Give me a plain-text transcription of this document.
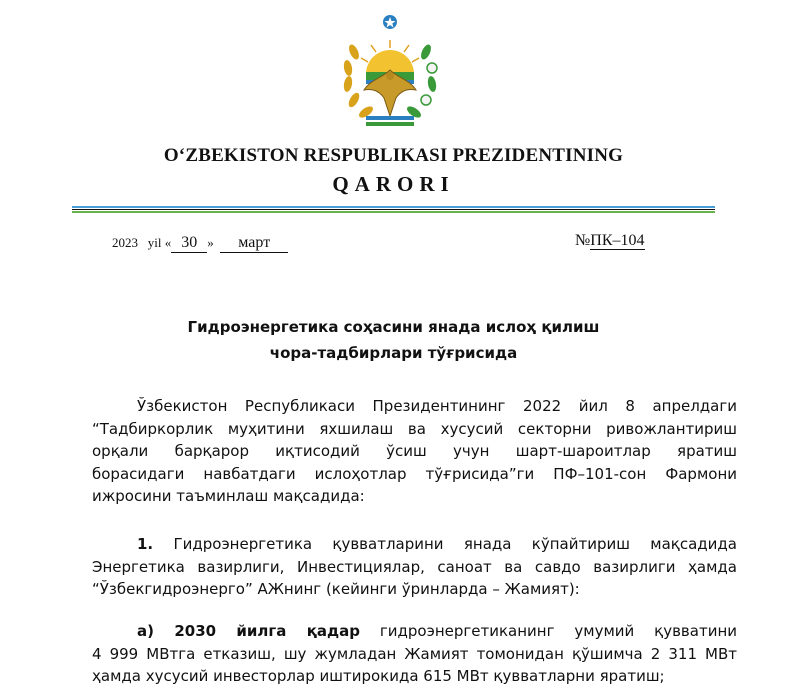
O‘ZBEKISTON RESPUBLIKASI PREZIDENTINING
QARORI
2023 yil « 30 » март	№ПК–104
Гидроэнергетика соҳасини янада ислоҳ қилиш
чора-тадбирлари тўғрисида
Ўзбекистон Республикаси Президентининг 2022 йил 8 апрелдаги
“Тадбиркорлик муҳитини яхшилаш ва хусусий секторни ривожлантириш
орқали барқарор иқтисодий ўсиш учун шарт-шароитлар яратиш
борасидаги навбатдаги ислоҳотлар тўғрисида”ги ПФ–101-сон Фармони
ижросини таъминлаш мақсадида:
1. Гидроэнергетика қувватларини янада кўпайтириш мақсадида
Энергетика вазирлиги, Инвестициялар, саноат ва савдо вазирлиги ҳамда
“Ўзбекгидроэнерго” АЖнинг (кейинги ўринларда – Жамият):
а) 2030 йилга қадар гидроэнергетиканинг умумий қувватини
4 999 МВтга етказиш, шу жумладан Жамият томонидан қўшимча 2 311 МВт
ҳамда хусусий инвесторлар иштирокида 615 МВт қувватларни яратиш;
